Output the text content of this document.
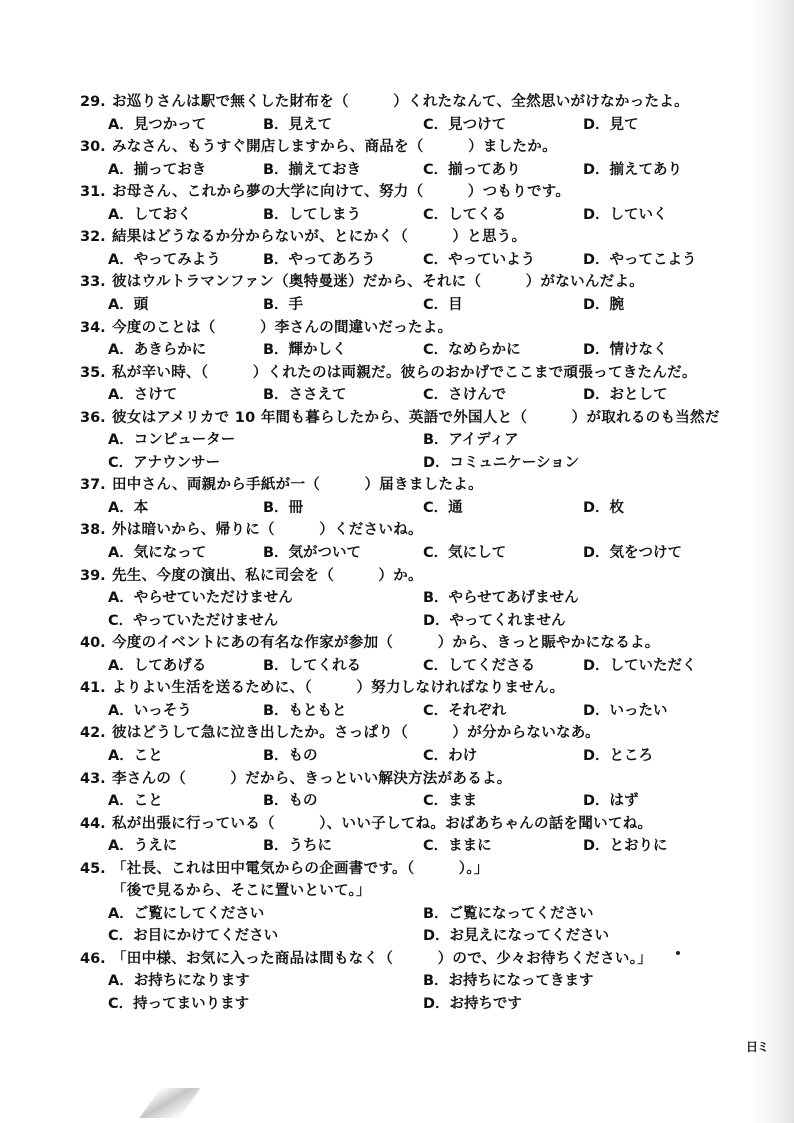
29. お巡りさんは駅で無くした財布を（　　　）くれたなんて、全然思いがけなかったよ。
A．見つかって	B．見えて	C．見つけて	D．見て
30. みなさん、もうすぐ開店しますから、商品を（　　　）ましたか。
A．揃っておき	B．揃えておき	C．揃ってあり	D．揃えてあり
31. お母さん、これから夢の大学に向けて、努力（　　　）つもりです。
A．しておく	B．してしまう	C．してくる	D．していく
32. 結果はどうなるか分からないが、とにかく（　　　）と思う。
A．やってみよう	B．やってあろう	C．やっていよう	D．やってこよう
33. 彼はウルトラマンファン（奥特曼迷）だから、それに（　　　）がないんだよ。
A．頭	B．手	C．目	D．腕
34. 今度のことは（　　　）李さんの間違いだったよ。
A．あきらかに	B．輝かしく	C．なめらかに	D．情けなく
35. 私が辛い時、（　　　）くれたのは両親だ。彼らのおかげでここまで頑張ってきたんだ。
A．さけて	B．ささえて	C．さけんで	D．おとして
36. 彼女はアメリカで 10 年間も暮らしたから、英語で外国人と（　　　）が取れるのも当然だ
A．コンピューター	B．アイディア
C．アナウンサー	D．コミュニケーション
37. 田中さん、両親から手紙が一（　　　）届きましたよ。
A．本	B．冊	C．通	D．枚
38. 外は暗いから、帰りに（　　　）くださいね。
A．気になって	B．気がついて	C．気にして	D．気をつけて
39. 先生、今度の演出、私に司会を（　　　）か。
A．やらせていただけません	B．やらせてあげません
C．やっていただけません	D．やってくれません
40. 今度のイベントにあの有名な作家が参加（　　　）から、きっと賑やかになるよ。
A．してあげる	B．してくれる	C．してくださる	D．していただく
41. よりよい生活を送るために、（　　　）努力しなければなりません。
A．いっそう	B．もともと	C．それぞれ	D．いったい
42. 彼はどうして急に泣き出したか。さっぱり（　　　）が分からないなあ。
A．こと	B．もの	C．わけ	D．ところ
43. 李さんの（　　　）だから、きっといい解決方法があるよ。
A．こと	B．もの	C．まま	D．はず
44. 私が出張に行っている（　　　）、いい子してね。おばあちゃんの話を聞いてね。
A．うえに	B．うちに	C．ままに	D．とおりに
45. 「社長、これは田中電気からの企画書です。（　　　）。」
「後で見るから、そこに置いといて。」
A．ご覧にしてください	B．ご覧になってください
C．お目にかけてください	D．お見えになってください
46. 「田中様、お気に入った商品は間もなく（　　　）ので、少々お待ちください。」
A．お持ちになります	B．お持ちになってきます
C．持ってまいります	D．お持ちです
日ミ
